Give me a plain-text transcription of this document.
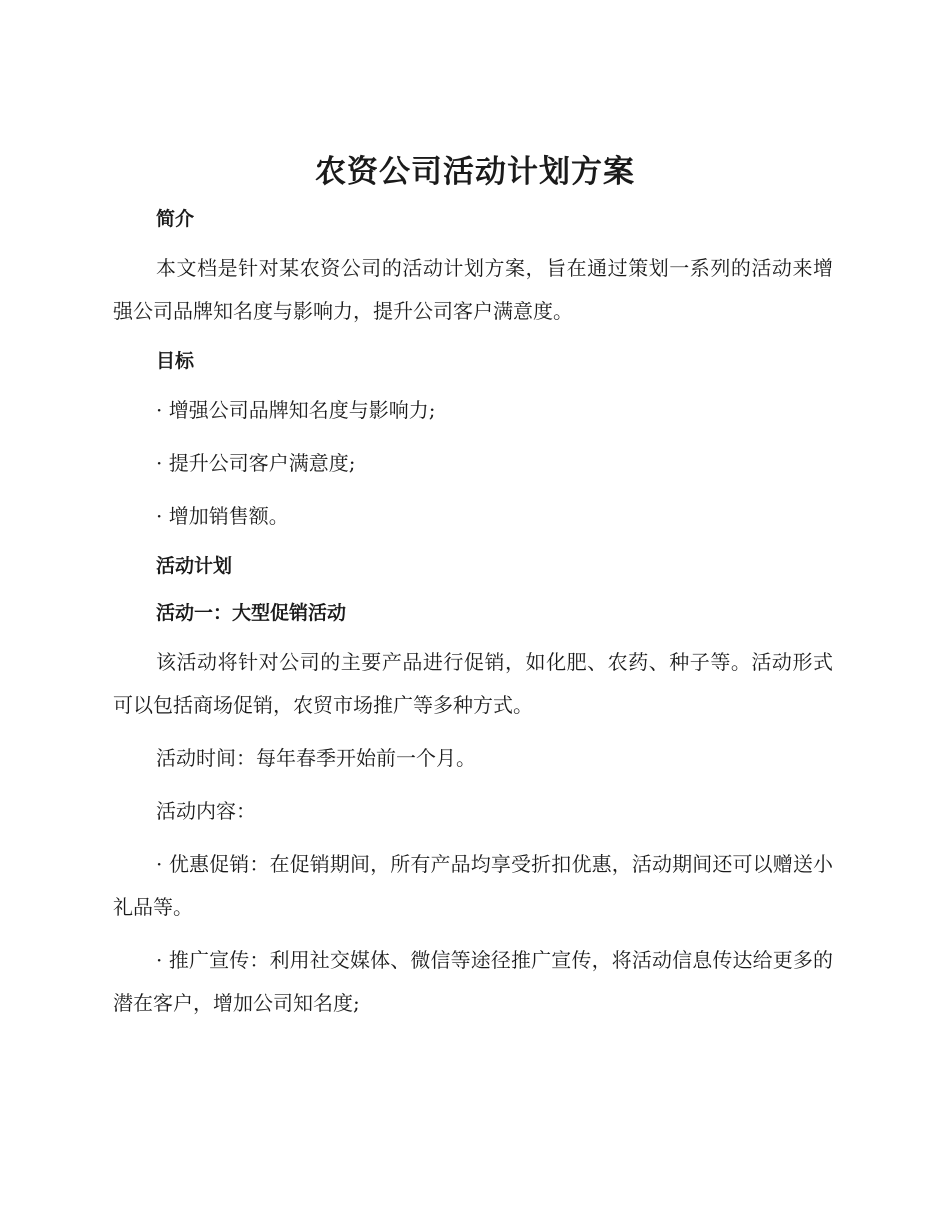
农资公司活动计划方案
简介

本文档是针对某农资公司的活动计划方案，旨在通过策划一系列的活动来增强公司品牌知名度与影响力，提升公司客户满意度。

目标

· 增强公司品牌知名度与影响力;

· 提升公司客户满意度;

· 增加销售额。

活动计划
活动一：大型促销活动

该活动将针对公司的主要产品进行促销，如化肥、农药、种子等。活动形式可以包括商场促销，农贸市场推广等多种方式。

活动时间：每年春季开始前一个月。

活动内容：

· 优惠促销：在促销期间，所有产品均享受折扣优惠，活动期间还可以赠送小礼品等。

· 推广宣传：利用社交媒体、微信等途径推广宣传，将活动信息传达给更多的潜在客户，增加公司知名度;
